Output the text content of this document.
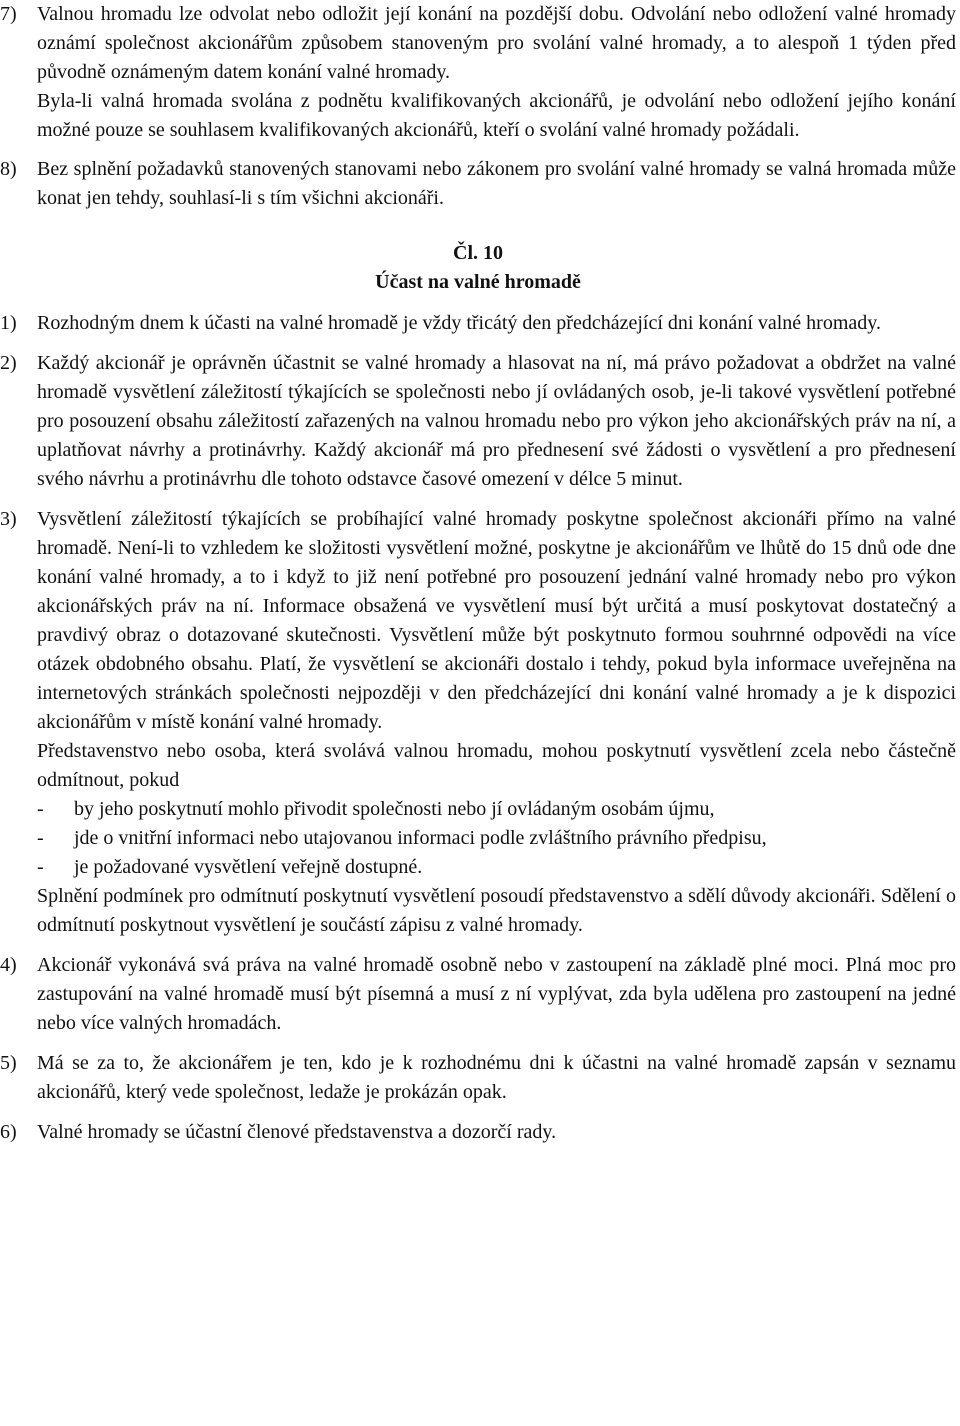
7)	Valnou hromadu lze odvolat nebo odložit její konání na pozdější dobu. Odvolání nebo odložení valné hromady oznámí společnost akcionářům způsobem stanoveným pro svolání valné hromady, a to alespoň 1 týden před původně oznámeným datem konání valné hromady.

Byla-li valná hromada svolána z podnětu kvalifikovaných akcionářů, je odvolání nebo odložení jejího konání možné pouze se souhlasem kvalifikovaných akcionářů, kteří o svolání valné hromady požádali.

8)	Bez splnění požadavků stanovených stanovami nebo zákonem pro svolání valné hromady se valná hromada může konat jen tehdy, souhlasí-li s tím všichni akcionáři.

Čl. 10

Účast na valné hromadě

1)	Rozhodným dnem k účasti na valné hromadě je vždy třicátý den předcházející dni konání valné hromady.

2)	Každý akcionář je oprávněn účastnit se valné hromady a hlasovat na ní, má právo požadovat a obdržet na valné hromadě vysvětlení záležitostí týkajících se společnosti nebo jí ovládaných osob, je-li takové vysvětlení potřebné pro posouzení obsahu záležitostí zařazených na valnou hromadu nebo pro výkon jeho akcionářských práv na ní, a uplatňovat návrhy a protinávrhy. Každý akcionář má pro přednesení své žádosti o vysvětlení a pro přednesení svého návrhu a protinávrhu dle tohoto odstavce časové omezení v délce 5 minut.

3)	Vysvětlení záležitostí týkajících se probíhající valné hromady poskytne společnost akcionáři přímo na valné hromadě. Není-li to vzhledem ke složitosti vysvětlení možné, poskytne je akcionářům ve lhůtě do 15 dnů ode dne konání valné hromady, a to i když to již není potřebné pro posouzení jednání valné hromady nebo pro výkon akcionářských práv na ní. Informace obsažená ve vysvětlení musí být určitá a musí poskytovat dostatečný a pravdivý obraz o dotazované skutečnosti. Vysvětlení může být poskytnuto formou souhrnné odpovědi na více otázek obdobného obsahu. Platí, že vysvětlení se akcionáři dostalo i tehdy, pokud byla informace uveřejněna na internetových stránkách společnosti nejpozději v den předcházející dni konání valné hromady a je k dispozici akcionářům v místě konání valné hromady.

Představenstvo nebo osoba, která svolává valnou hromadu, mohou poskytnutí vysvětlení zcela nebo částečně odmítnout, pokud

-	by jeho poskytnutí mohlo přivodit společnosti nebo jí ovládaným osobám újmu,
-	jde o vnitřní informaci nebo utajovanou informaci podle zvláštního právního předpisu,
-	je požadované vysvětlení veřejně dostupné.

Splnění podmínek pro odmítnutí poskytnutí vysvětlení posoudí představenstvo a sdělí důvody akcionáři. Sdělení o odmítnutí poskytnout vysvětlení je součástí zápisu z valné hromady.

4)	Akcionář vykonává svá práva na valné hromadě osobně nebo v zastoupení na základě plné moci. Plná moc pro zastupování na valné hromadě musí být písemná a musí z ní vyplývat, zda byla udělena pro zastoupení na jedné nebo více valných hromadách.

5)	Má se za to, že akcionářem je ten, kdo je k rozhodnému dni k účastni na valné hromadě zapsán v seznamu akcionářů, který vede společnost, ledaže je prokázán opak.

6)	Valné hromady se účastní členové představenstva a dozorčí rady.
